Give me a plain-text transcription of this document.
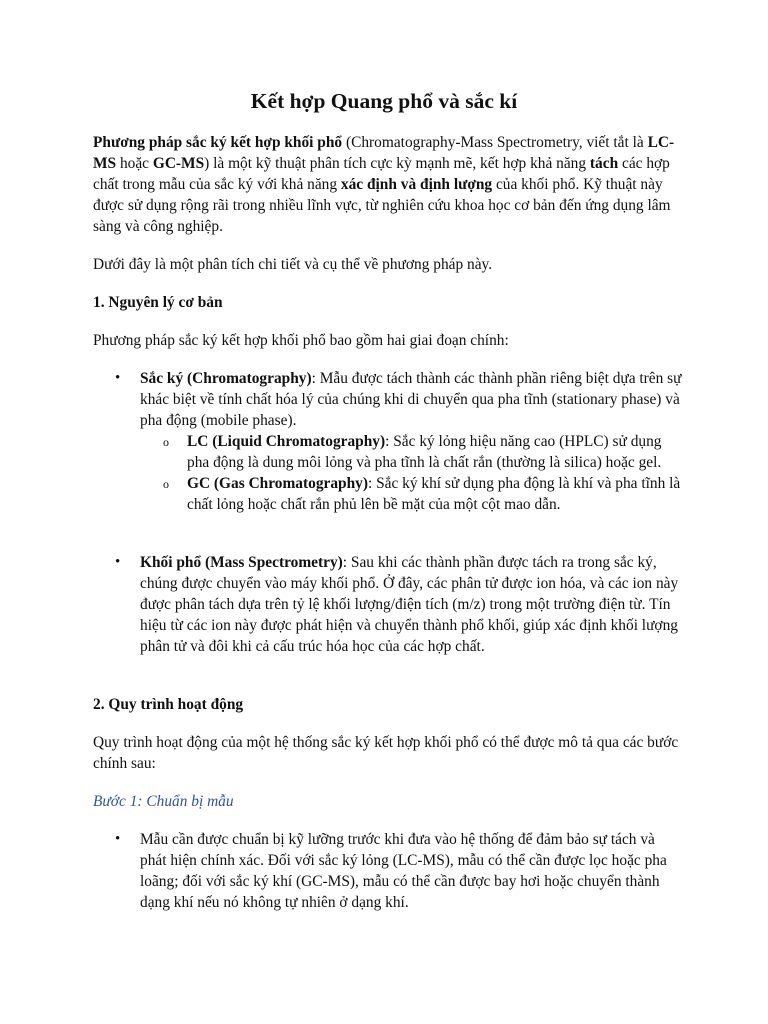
Kết hợp Quang phổ và sắc kí

Phương pháp sắc ký kết hợp khối phổ (Chromatography-Mass Spectrometry, viết tắt là LC-MS hoặc GC-MS) là một kỹ thuật phân tích cực kỳ mạnh mẽ, kết hợp khả năng tách các hợp chất trong mẫu của sắc ký với khả năng xác định và định lượng của khối phổ. Kỹ thuật này được sử dụng rộng rãi trong nhiều lĩnh vực, từ nghiên cứu khoa học cơ bản đến ứng dụng lâm sàng và công nghiệp.

Dưới đây là một phân tích chi tiết và cụ thể về phương pháp này.
1. Nguyên lý cơ bản
Phương pháp sắc ký kết hợp khối phổ bao gồm hai giai đoạn chính:
• Sắc ký (Chromatography): Mẫu được tách thành các thành phần riêng biệt dựa trên sự khác biệt về tính chất hóa lý của chúng khi di chuyển qua pha tĩnh (stationary phase) và pha động (mobile phase).
o LC (Liquid Chromatography): Sắc ký lỏng hiệu năng cao (HPLC) sử dụng pha động là dung môi lỏng và pha tĩnh là chất rắn (thường là silica) hoặc gel.
o GC (Gas Chromatography): Sắc ký khí sử dụng pha động là khí và pha tĩnh là chất lỏng hoặc chất rắn phủ lên bề mặt của một cột mao dẫn.
• Khối phổ (Mass Spectrometry): Sau khi các thành phần được tách ra trong sắc ký, chúng được chuyển vào máy khối phổ. Ở đây, các phân tử được ion hóa, và các ion này được phân tách dựa trên tỷ lệ khối lượng/điện tích (m/z) trong một trường điện từ. Tín hiệu từ các ion này được phát hiện và chuyển thành phổ khối, giúp xác định khối lượng phân tử và đôi khi cả cấu trúc hóa học của các hợp chất.
2. Quy trình hoạt động
Quy trình hoạt động của một hệ thống sắc ký kết hợp khối phổ có thể được mô tả qua các bước chính sau:
Bước 1: Chuẩn bị mẫu
• Mẫu cần được chuẩn bị kỹ lưỡng trước khi đưa vào hệ thống để đảm bảo sự tách và phát hiện chính xác. Đối với sắc ký lỏng (LC-MS), mẫu có thể cần được lọc hoặc pha loãng; đối với sắc ký khí (GC-MS), mẫu có thể cần được bay hơi hoặc chuyển thành dạng khí nếu nó không tự nhiên ở dạng khí.
